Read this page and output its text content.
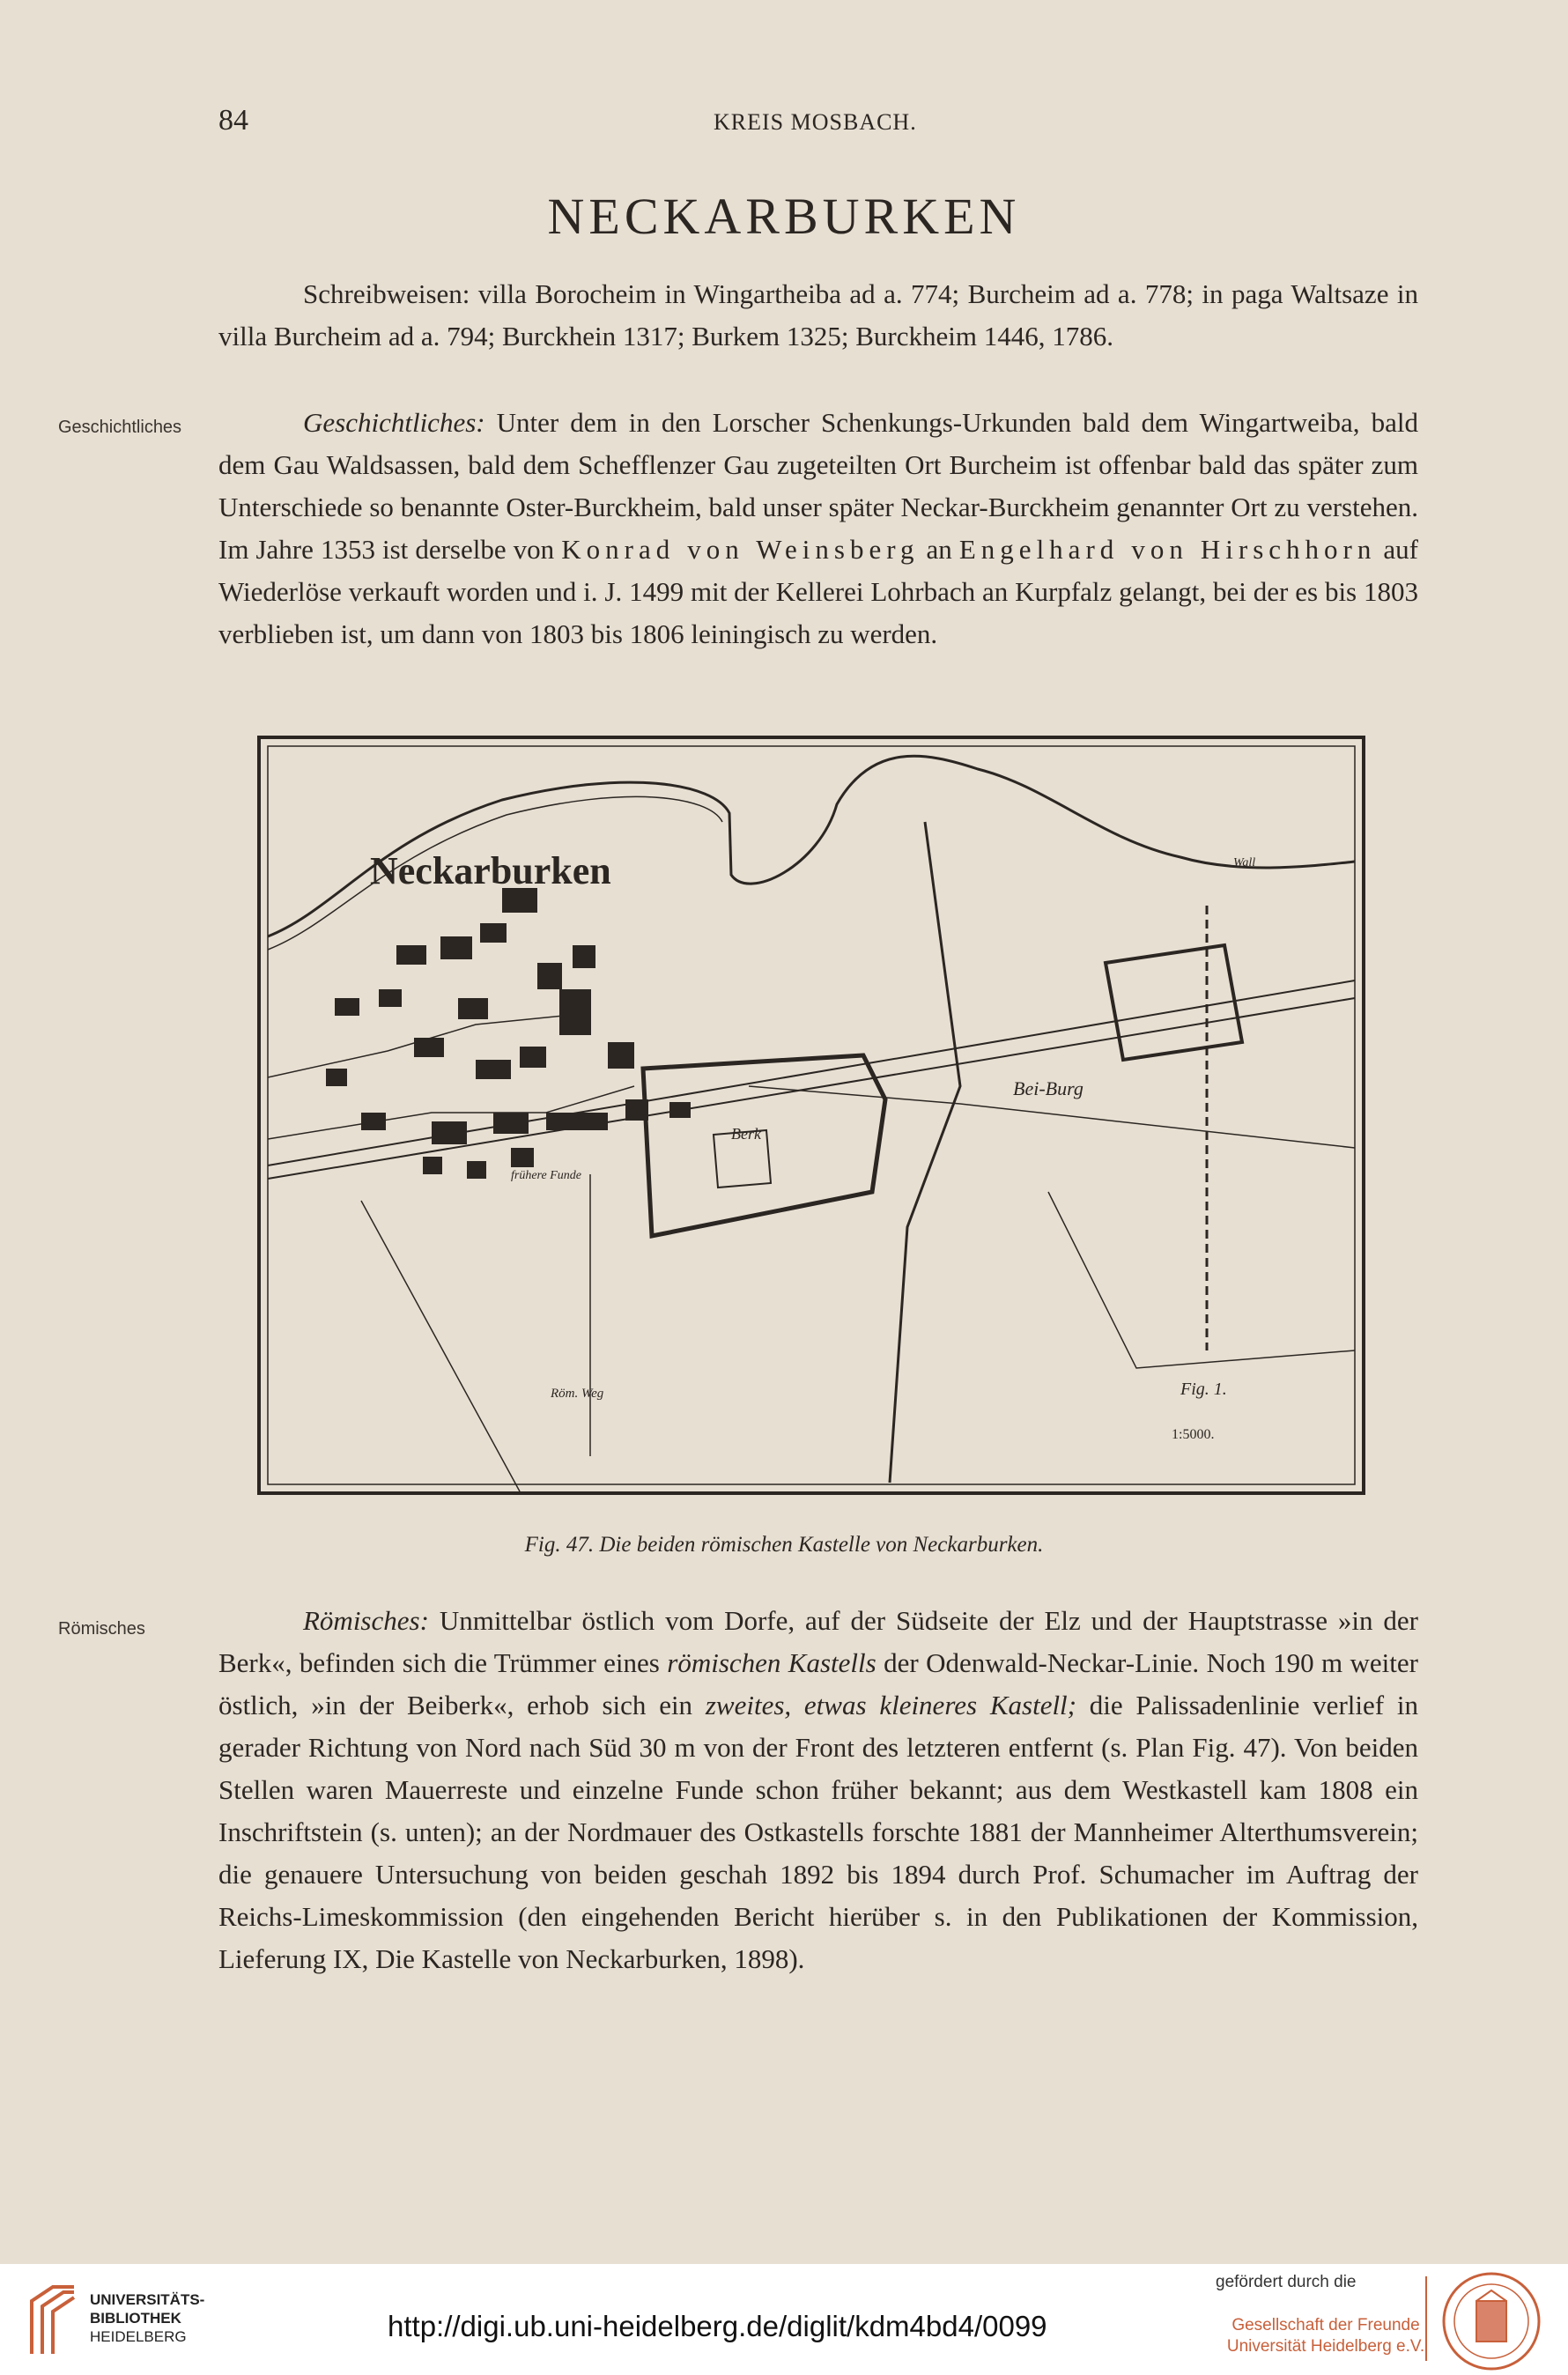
84	KREIS MOSBACH.
NECKARBURKEN
Schreibweisen: villa Borocheim in Wingartheiba ad a. 774; Burcheim ad a. 778; in paga Waltsaze in villa Burcheim ad a. 794; Burckhein 1317; Burkem 1325; Burckheim 1446, 1786.
Geschichtliches	Geschichtliches: Unter dem in den Lorscher Schenkungs-Urkunden bald dem Wingartweiba, bald dem Gau Waldsassen, bald dem Schefflenzer Gau zugeteilten Ort Burcheim ist offenbar bald das später zum Unterschiede so benannte Oster-Burckheim, bald unser später Neckar-Burckheim genannter Ort zu verstehen. Im Jahre 1353 ist derselbe von Konrad von Weinsberg an Engelhard von Hirschhorn auf Wiederlöse verkauft worden und i. J. 1499 mit der Kellerei Lohrbach an Kurpfalz gelangt, bei der es bis 1803 verblieben ist, um dann von 1803 bis 1806 leiningisch zu werden.
Neckarburken
Berk
Bei-Burg
frühere Funde
Wall
Röm. Weg	Fig. 1.
1:5000.
Fig. 47. Die beiden römischen Kastelle von Neckarburken.
Römisches	Römisches: Unmittelbar östlich vom Dorfe, auf der Südseite der Elz und der Hauptstrasse »in der Berk«, befinden sich die Trümmer eines römischen Kastells der Odenwald-Neckar-Linie. Noch 190 m weiter östlich, »in der Beiberk«, erhob sich ein zweites, etwas kleineres Kastell; die Palissadenlinie verlief in gerader Richtung von Nord nach Süd 30 m von der Front des letzteren entfernt (s. Plan Fig. 47). Von beiden Stellen waren Mauerreste und einzelne Funde schon früher bekannt; aus dem Westkastell kam 1808 ein Inschriftstein (s. unten); an der Nordmauer des Ostkastells forschte 1881 der Mannheimer Alterthumsverein; die genauere Untersuchung von beiden geschah 1892 bis 1894 durch Prof. Schumacher im Auftrag der Reichs-Limeskommission (den eingehenden Bericht hierüber s. in den Publikationen der Kommission, Lieferung IX, Die Kastelle von Neckarburken, 1898).
UNIVERSITÄTS-
BIBLIOTHEK
HEIDELBERG	http://digi.ub.uni-heidelberg.de/diglit/kdm4bd4/0099
gefördert durch die
Gesellschaft der Freunde
Universität Heidelberg e.V.
